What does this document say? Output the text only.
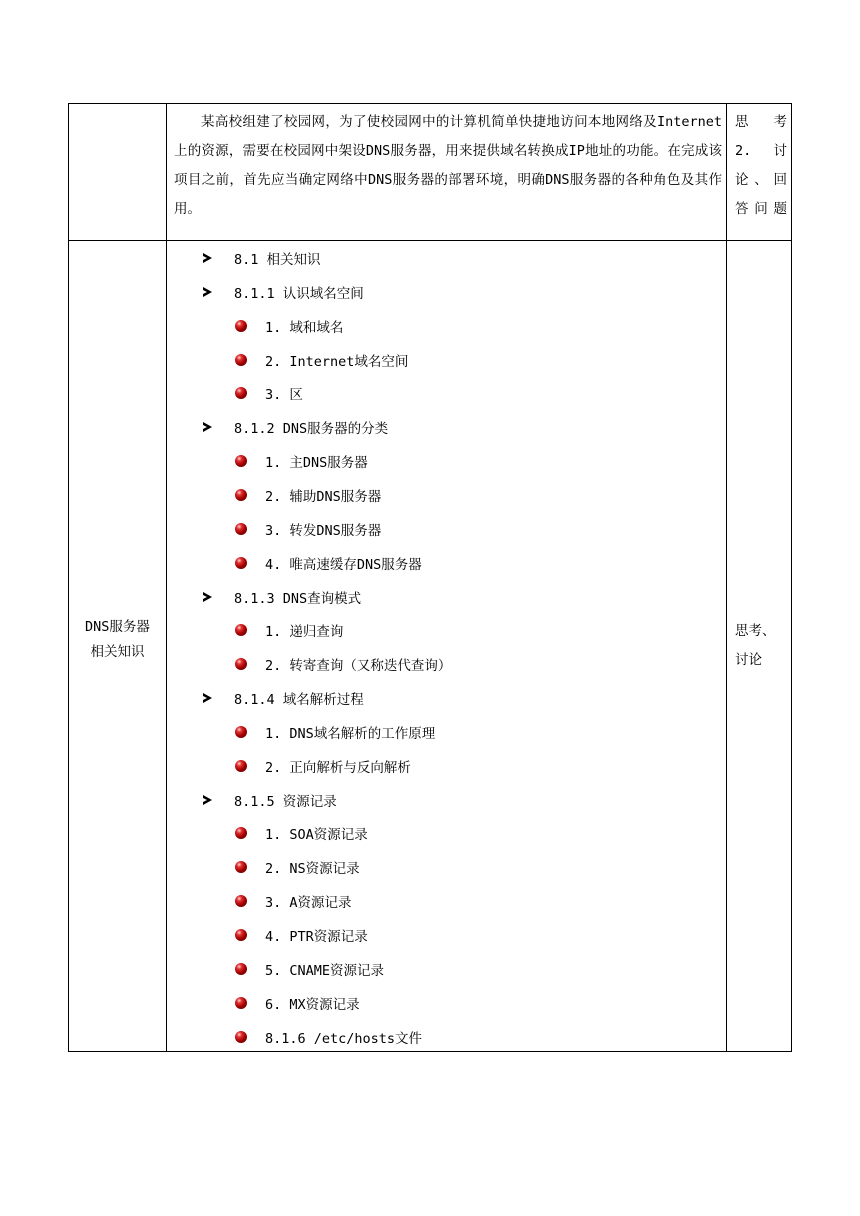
某高校组建了校园网，为了使校园网中的计算机简单快捷地访问本地网络及Internet上的资源，需要在校园网中架设DNS服务器，用来提供域名转换成IP地址的功能。在完成该项目之前，首先应当确定网络中DNS服务器的部署环境，明确DNS服务器的各种角色及其作用。
思考
2. 讨
论、回
答问题
DNS服务器
相关知识
思考、
讨论
8.1 相关知识
8.1.1 认识域名空间
1. 域和域名
2. Internet域名空间
3. 区
8.1.2 DNS服务器的分类
1. 主DNS服务器
2. 辅助DNS服务器
3. 转发DNS服务器
4. 唯高速缓存DNS服务器
8.1.3 DNS查询模式
1. 递归查询
2. 转寄查询（又称迭代查询）
8.1.4 域名解析过程
1. DNS域名解析的工作原理
2. 正向解析与反向解析
8.1.5 资源记录
1. SOA资源记录
2. NS资源记录
3. A资源记录
4. PTR资源记录
5. CNAME资源记录
6. MX资源记录
8.1.6 /etc/hosts文件
